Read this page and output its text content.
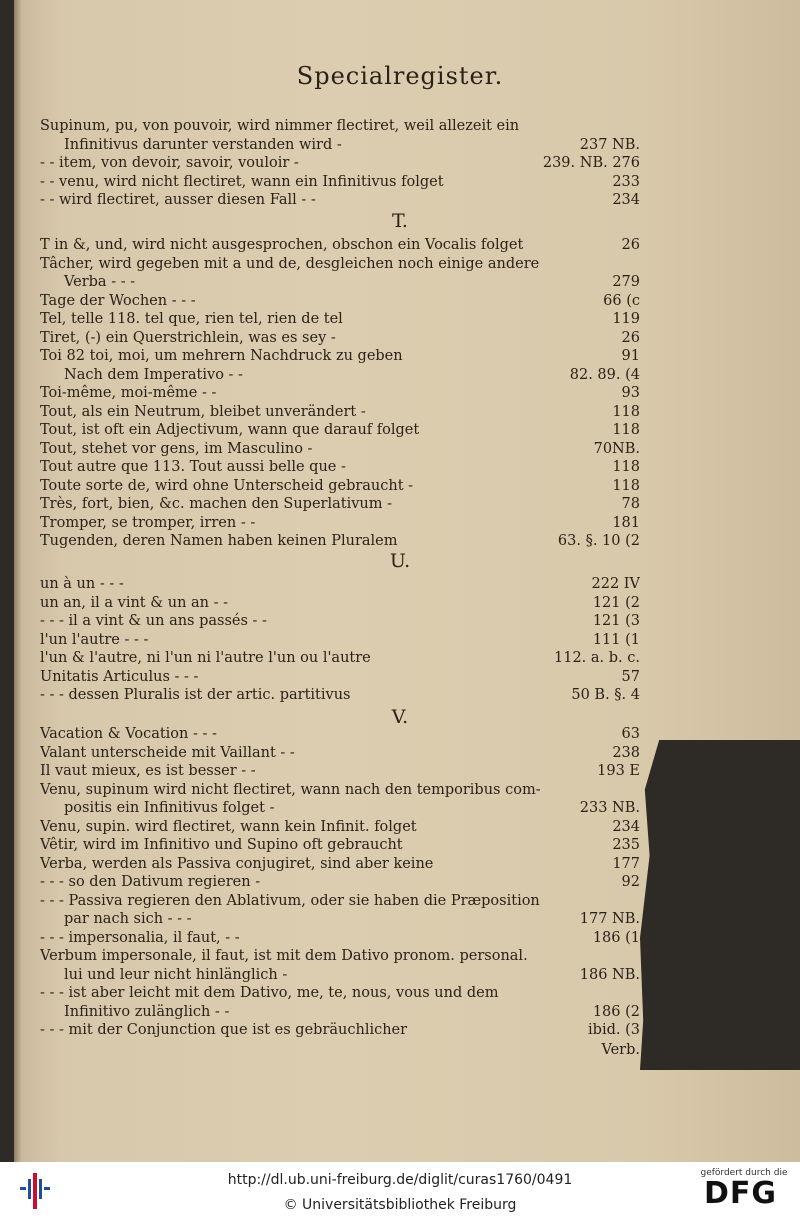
Specialregister.
T.
U.
V.
Supinum, pu, von pouvoir, wird nimmer flectiret, weil allezeit ein
Infinitivus darunter verstanden wird -	237 NB.
- - item, von devoir, savoir, vouloir -	239. NB. 276
- - venu, wird nicht flectiret, wann ein Infinitivus folget	233
- - wird flectiret, ausser diesen Fall - -	234
T in &, und, wird nicht ausgesprochen, obschon ein Vocalis folget	26
Tâcher, wird gegeben mit a und de, desgleichen noch einige andere
Verba - - -	279
Tage der Wochen - - -	66 (c
Tel, telle 118. tel que, rien tel, rien de tel	119
Tiret, (-) ein Querstrichlein, was es sey -	26
Toi 82 toi, moi, um mehrern Nachdruck zu geben	91
Nach dem Imperativo - -	82. 89. (4
Toi-même, moi-même - -	93
Tout, als ein Neutrum, bleibet unverändert -	118
Tout, ist oft ein Adjectivum, wann que darauf folget	118
Tout, stehet vor gens, im Masculino -	70NB.
Tout autre que 113. Tout aussi belle que -	118
Toute sorte de, wird ohne Unterscheid gebraucht -	118
Très, fort, bien, &c. machen den Superlativum -	78
Tromper, se tromper, irren - -	181
Tugenden, deren Namen haben keinen Pluralem	63. §. 10 (2
un à un - - -	222 IV
un an, il a vint & un an - -	121 (2
- - - il a vint & un ans passés - -	121 (3
l'un l'autre - - -	111 (1
l'un & l'autre, ni l'un ni l'autre l'un ou l'autre	112. a. b. c.
Unitatis Articulus - - -	57
- - - dessen Pluralis ist der artic. partitivus	50 B. §. 4
Vacation & Vocation - - -	63
Valant unterscheide mit Vaillant - -	238
Il vaut mieux, es ist besser - -	193 E
Venu, supinum wird nicht flectiret, wann nach den temporibus com-
positis ein Infinitivus folget -	233 NB.
Venu, supin. wird flectiret, wann kein Infinit. folget	234
Vêtir, wird im Infinitivo und Supino oft gebraucht	235
Verba, werden als Passiva conjugiret, sind aber keine	177
- - - so den Dativum regieren -	92
- - - Passiva regieren den Ablativum, oder sie haben die Præposition
par nach sich - - -	177 NB.
- - - impersonalia, il faut, - -	186 (1
Verbum impersonale, il faut, ist mit dem Dativo pronom. personal.
lui und leur nicht hinlänglich -	186 NB.
- - - ist aber leicht mit dem Dativo, me, te, nous, vous und dem
Infinitivo zulänglich - -	186 (2
- - - mit der Conjunction que ist es gebräuchlicher	ibid. (3
Verb.
http://dl.ub.uni-freiburg.de/diglit/curas1760/0491
© Universitätsbibliothek Freiburg
gefördert durch die
DFG
